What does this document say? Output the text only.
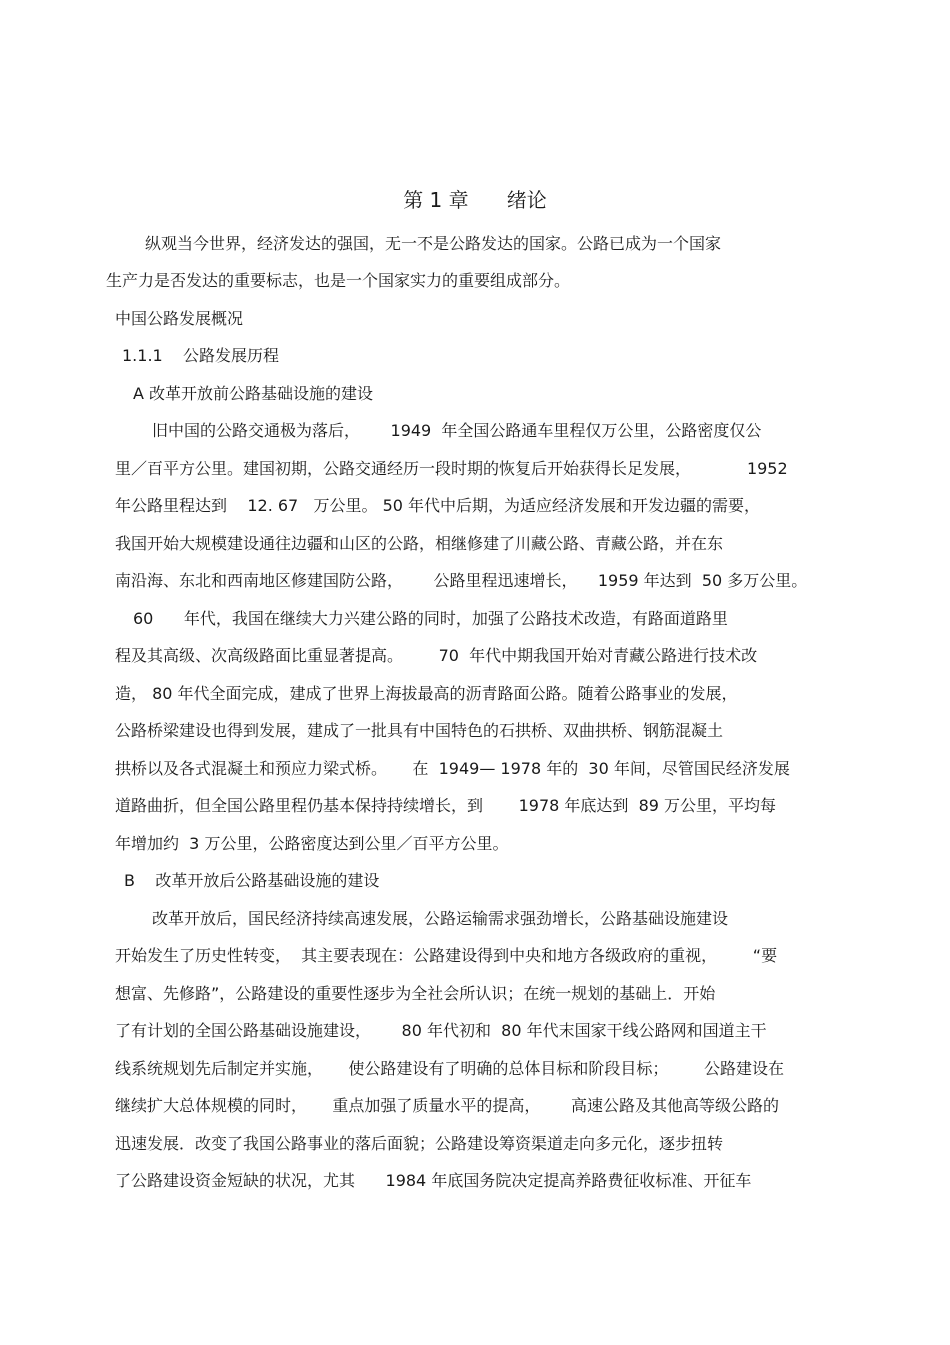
第 1 章      绪论
纵观当今世界，经济发达的强国，无一不是公路发达的国家。公路已成为一个国家
生产力是否发达的重要标志，也是一个国家实力的重要组成部分。
中国公路发展概况
1.1.1    公路发展历程
A 改革开放前公路基础设施的建设
旧中国的公路交通极为落后，      1949  年全国公路通车里程仅万公里，公路密度仅公
里／百平方公里。建国初期，公路交通经历一段时期的恢复后开始获得长足发展，           1952
年公路里程达到    12. 67   万公里。 50 年代中后期，为适应经济发展和开发边疆的需要，
我国开始大规模建设通往边疆和山区的公路，相继修建了川藏公路、青藏公路，并在东
南沿海、东北和西南地区修建国防公路，      公路里程迅速增长，    1959 年达到  50 多万公里。
60      年代，我国在继续大力兴建公路的同时，加强了公路技术改造，有路面道路里
程及其高级、次高级路面比重显著提高。       70  年代中期我国开始对青藏公路进行技术改
造， 80 年代全面完成，建成了世界上海拔最高的沥青路面公路。随着公路事业的发展，
公路桥梁建设也得到发展，建成了一批具有中国特色的石拱桥、双曲拱桥、钢筋混凝土
拱桥以及各式混凝土和预应力梁式桥。     在  1949— 1978 年的  30 年间，尽管国民经济发展
道路曲折，但全国公路里程仍基本保持持续增长，到       1978 年底达到  89 万公里，平均每
年增加约  3 万公里，公路密度达到公里／百平方公里。
B    改革开放后公路基础设施的建设
改革开放后，国民经济持续高速发展，公路运输需求强劲增长，公路基础设施建设
开始发生了历史性转变，  其主要表现在：公路建设得到中央和地方各级政府的重视，       “要
想富、先修路”，公路建设的重要性逐步为全社会所认识；在统一规划的基础上．开始
了有计划的全国公路基础设施建设，      80 年代初和  80 年代末国家干线公路网和国道主干
线系统规划先后制定并实施，     使公路建设有了明确的总体目标和阶段目标；       公路建设在
继续扩大总体规模的同时，     重点加强了质量水平的提高，      高速公路及其他高等级公路的
迅速发展．改变了我国公路事业的落后面貌；公路建设筹资渠道走向多元化，逐步扭转
了公路建设资金短缺的状况，尤其      1984 年底国务院决定提高养路费征收标准、开征车
